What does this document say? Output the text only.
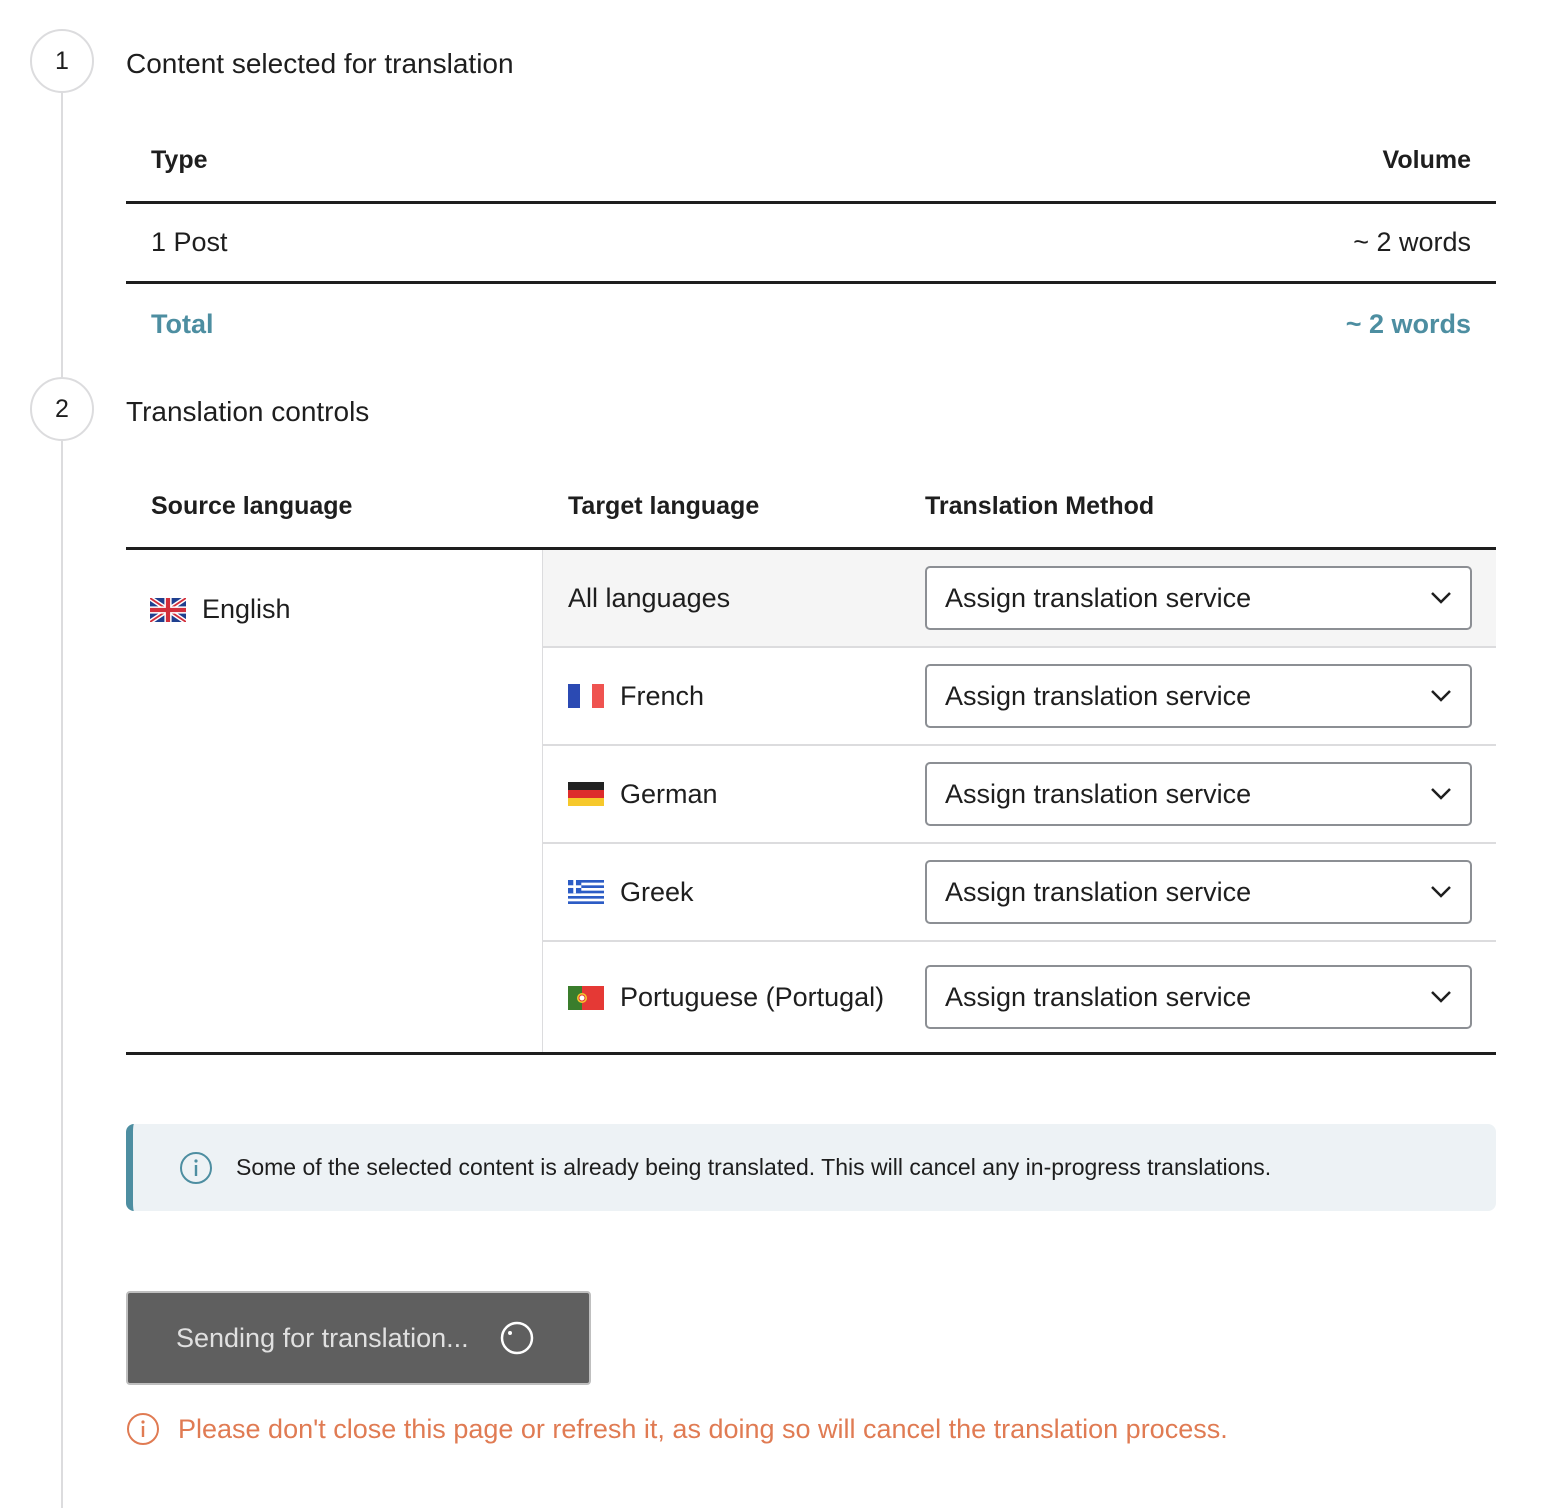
1	Content selected for translation
Type	Volume
1 Post	~ 2 words
Total	~ 2 words
2	Translation controls
Source language	Target language	Translation Method
English	All languages	Assign translation service
French	Assign translation service
German	Assign translation service
Greek	Assign translation service
Portuguese (Portugal)	Assign translation service
Some of the selected content is already being translated. This will cancel any in-progress translations.
Sending for translation...
Please don't close this page or refresh it, as doing so will cancel the translation process.
